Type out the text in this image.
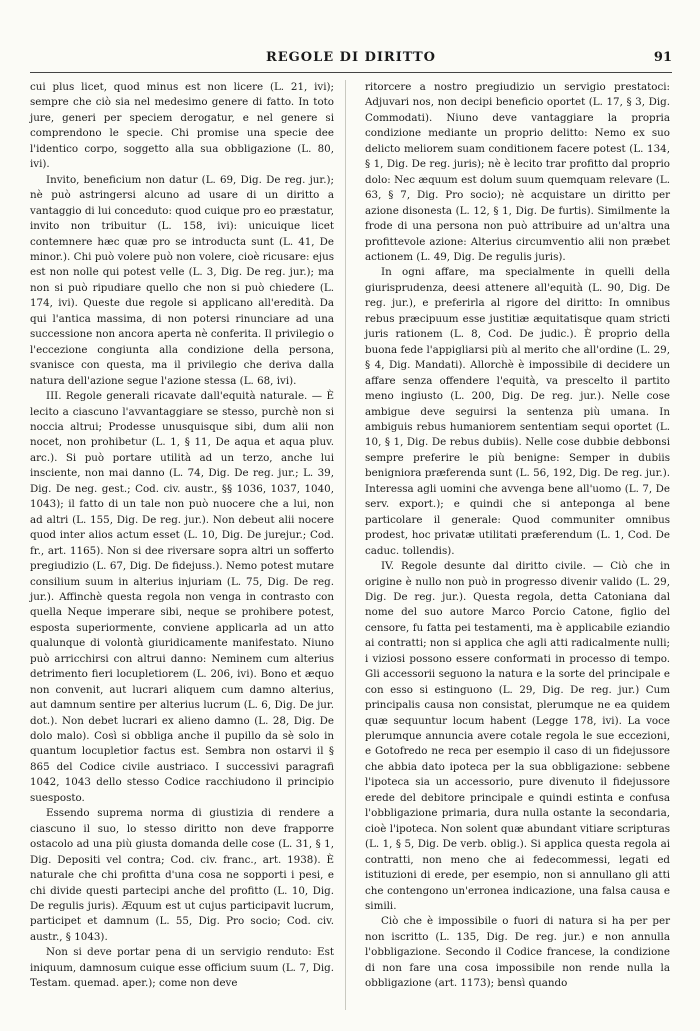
REGOLE DI DIRITTO	91

cui plus licet, quod minus est non licere (L. 21, ivi); sempre che ciò sia nel medesimo genere di fatto. In toto jure, generi per speciem derogatur, e nel genere si comprendono le specie. Chi promise una specie dee l'identico corpo, soggetto alla sua obbligazione (L. 80, ivi).

Invito, beneficium non datur (L. 69, Dig. De reg. jur.); nè può astringersi alcuno ad usare di un diritto a vantaggio di lui conceduto: quod cuique pro eo præstatur, invito non tribuitur (L. 158, ivi): unicuique licet contemnere hæc quæ pro se introducta sunt (L. 41, De minor.). Chi può volere può non volere, cioè ricusare: ejus est non nolle qui potest velle (L. 3, Dig. De reg. jur.); ma non si può ripudiare quello che non si può chiedere (L. 174, ivi). Queste due regole si applicano all'eredità. Da qui l'antica massima, di non potersi rinunciare ad una successione non ancora aperta nè conferita. Il privilegio o l'eccezione congiunta alla condizione della persona, svanisce con questa, ma il privilegio che deriva dalla natura dell'azione segue l'azione stessa (L. 68, ivi).

III. Regole generali ricavate dall'equità naturale. — È lecito a ciascuno l'avvantaggiare se stesso, purchè non si noccia altrui; Prodesse unusquisque sibi, dum alii non nocet, non prohibetur (L. 1, § 11, De aqua et aqua pluv. arc.). Si può portare utilità ad un terzo, anche lui insciente, non mai danno (L. 74, Dig. De reg. jur.; L. 39, Dig. De neg. gest.; Cod. civ. austr., §§ 1036, 1037, 1040, 1043); il fatto di un tale non può nuocere che a lui, non ad altri (L. 155, Dig. De reg. jur.). Non debeut alii nocere quod inter alios actum esset (L. 10, Dig. De jurejur.; Cod. fr., art. 1165). Non si dee riversare sopra altri un sofferto pregiudizio (L. 67, Dig. De fidejuss.). Nemo potest mutare consilium suum in alterius injuriam (L. 75, Dig. De reg. jur.). Affinchè questa regola non venga in contrasto con quella Neque imperare sibi, neque se prohibere potest, esposta superiormente, conviene applicarla ad un atto qualunque di volontà giuridicamente manifestato. Niuno può arricchirsi con altrui danno: Neminem cum alterius detrimento fieri locupletiorem (L. 206, ivi). Bono et æquo non convenit, aut lucrari aliquem cum damno alterius, aut damnum sentire per alterius lucrum (L. 6, Dig. De jur. dot.). Non debet lucrari ex alieno damno (L. 28, Dig. De dolo malo). Così si obbliga anche il pupillo da sè solo in quantum locupletior factus est. Sembra non ostarvi il § 865 del Codice civile austriaco. I successivi paragrafi 1042, 1043 dello stesso Codice racchiudono il principio suesposto.

Essendo suprema norma di giustizia di rendere a ciascuno il suo, lo stesso diritto non deve frapporre ostacolo ad una più giusta domanda delle cose (L. 31, § 1, Dig. Depositi vel contra; Cod. civ. franc., art. 1938). È naturale che chi profitta d'una cosa ne sopporti i pesi, e chi divide questi partecipi anche del profitto (L. 10, Dig. De regulis juris). Æquum est ut cujus participavit lucrum, participet et damnum (L. 55, Dig. Pro socio; Cod. civ. austr., § 1043).

Non si deve portar pena di un servigio renduto: Est iniquum, damnosum cuique esse officium suum (L. 7, Dig. Testam. quemad. aper.); come non deve

ritorcere a nostro pregiudizio un servigio prestatoci: Adjuvari nos, non decipi beneficio oportet (L. 17, § 3, Dig. Commodati). Niuno deve vantaggiare la propria condizione mediante un proprio delitto: Nemo ex suo delicto meliorem suam conditionem facere potest (L. 134, § 1, Dig. De reg. juris); nè è lecito trar profitto dal proprio dolo: Nec æquum est dolum suum quemquam relevare (L. 63, § 7, Dig. Pro socio); nè acquistare un diritto per azione disonesta (L. 12, § 1, Dig. De furtis). Similmente la frode di una persona non può attribuire ad un'altra una profittevole azione: Alterius circumventio alii non præbet actionem (L. 49, Dig. De regulis juris).

In ogni affare, ma specialmente in quelli della giurisprudenza, deesi attenere all'equità (L. 90, Dig. De reg. jur.), e preferirla al rigore del diritto: In omnibus rebus præcipuum esse justitiæ æquitatisque quam stricti juris rationem (L. 8, Cod. De judic.). È proprio della buona fede l'appigliarsi più al merito che all'ordine (L. 29, § 4, Dig. Mandati). Allorchè è impossibile di decidere un affare senza offendere l'equità, va prescelto il partito meno ingiusto (L. 200, Dig. De reg. jur.). Nelle cose ambigue deve seguirsi la sentenza più umana. In ambiguis rebus humaniorem sententiam sequi oportet (L. 10, § 1, Dig. De rebus dubiis). Nelle cose dubbie debbonsi sempre preferire le più benigne: Semper in dubiis benigniora præferenda sunt (L. 56, 192, Dig. De reg. jur.). Interessa agli uomini che avvenga bene all'uomo (L. 7, De serv. export.); e quindi che si anteponga al bene particolare il generale: Quod communiter omnibus prodest, hoc privatæ utilitati præferendum (L. 1, Cod. De caduc. tollendis).

IV. Regole desunte dal diritto civile. — Ciò che in origine è nullo non può in progresso divenir valido (L. 29, Dig. De reg. jur.). Questa regola, detta Catoniana dal nome del suo autore Marco Porcio Catone, figlio del censore, fu fatta pei testamenti, ma è applicabile eziandio ai contratti; non si applica che agli atti radicalmente nulli; i viziosi possono essere conformati in processo di tempo. Gli accessorii seguono la natura e la sorte del principale e con esso si estinguono (L. 29, Dig. De reg. jur.) Cum principalis causa non consistat, plerumque ne ea quidem quæ sequuntur locum habent (Legge 178, ivi). La voce plerumque annuncia avere cotale regola le sue eccezioni, e Gotofredo ne reca per esempio il caso di un fidejussore che abbia dato ipoteca per la sua obbligazione: sebbene l'ipoteca sia un accessorio, pure divenuto il fidejussore erede del debitore principale e quindi estinta e confusa l'obbligazione primaria, dura nulla ostante la secondaria, cioè l'ipoteca. Non solent quæ abundant vitiare scripturas (L. 1, § 5, Dig. De verb. oblig.). Si applica questa regola ai contratti, non meno che ai fedecommessi, legati ed istituzioni di erede, per esempio, non si annullano gli atti che contengono un'erronea indicazione, una falsa causa e simili.

Ciò che è impossibile o fuori di natura si ha per per non iscritto (L. 135, Dig. De reg. jur.) e non annulla l'obbligazione. Secondo il Codice francese, la condizione di non fare una cosa impossibile non rende nulla la obbligazione (art. 1173); bensì quando
